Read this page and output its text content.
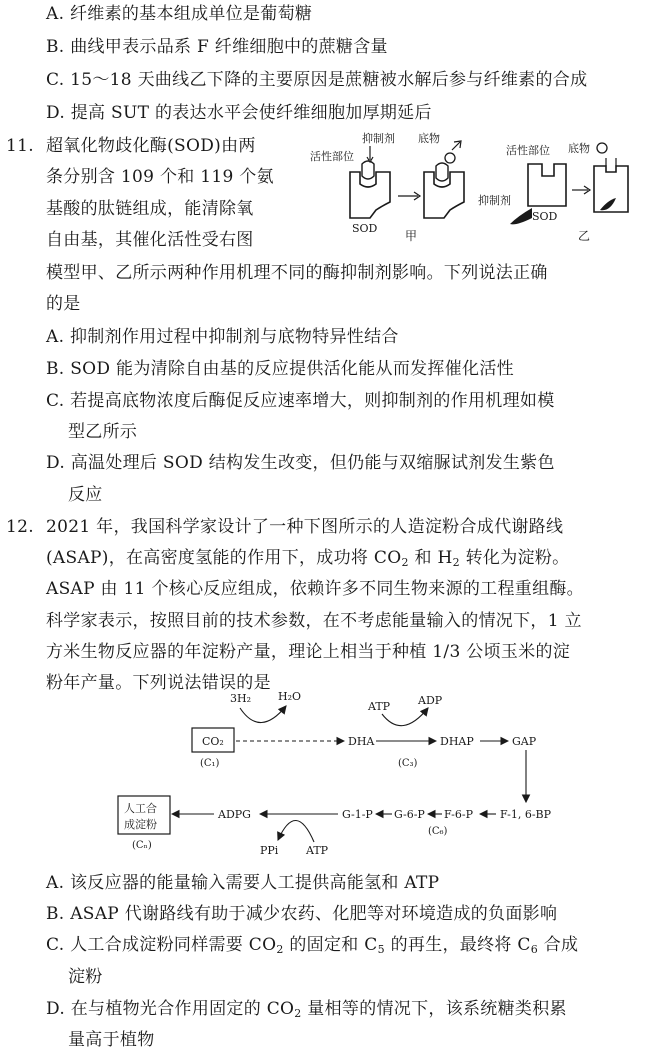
A. 纤维素的基本组成单位是葡萄糖
B. 曲线甲表示品系 F 纤维细胞中的蔗糖含量
C. 15～18 天曲线乙下降的主要原因是蔗糖被水解后参与纤维素的合成
D. 提高 SUT 的表达水平会使纤维细胞加厚期延后
11. 超氧化物歧化酶(SOD)由两
条分别含 109 个和 119 个氨
基酸的肽链组成，能清除氧
自由基，其催化活性受右图
模型甲、乙所示两种作用机理不同的酶抑制剂影响。下列说法正确
的是
抑制剂 底物
活性部位
SOD
甲
活性部位 底物
抑制剂
SOD
乙
A. 抑制剂作用过程中抑制剂与底物特异性结合
B. SOD 能为清除自由基的反应提供活化能从而发挥催化活性
C. 若提高底物浓度后酶促反应速率增大，则抑制剂的作用机理如模
型乙所示
D. 高温处理后 SOD 结构发生改变，但仍能与双缩脲试剂发生紫色
反应
12. 2021 年，我国科学家设计了一种下图所示的人造淀粉合成代谢路线
(ASAP)，在高密度氢能的作用下，成功将 $CO_2$ 和 $H_2$ 转化为淀粉。
ASAP 由 11 个核心反应组成，依赖许多不同生物来源的工程重组酶。
科学家表示，按照目前的技术参数，在不考虑能量输入的情况下，1 立
方米生物反应器的年淀粉产量，理论上相当于种植 1/3 公顷玉米的淀
粉年产量。下列说法错误的是
3H₂ H₂O
CO₂
(C₁)
DHA
ATP	ADP
(C₃)
DHAP	GAP
F-1, 6-BP
F-6-P
G-6-P
(C₆)
G-1-P
ADPG
PPi	ATP
人工合
成淀粉
(Cₙ)
A. 该反应器的能量输入需要人工提供高能氢和 ATP
B. ASAP 代谢路线有助于减少农药、化肥等对环境造成的负面影响
C. 人工合成淀粉同样需要 $CO_2$ 的固定和 $C_5$ 的再生，最终将 $C_6$ 合成
淀粉
D. 在与植物光合作用固定的 $CO_2$ 量相等的情况下，该系统糖类积累
量高于植物
